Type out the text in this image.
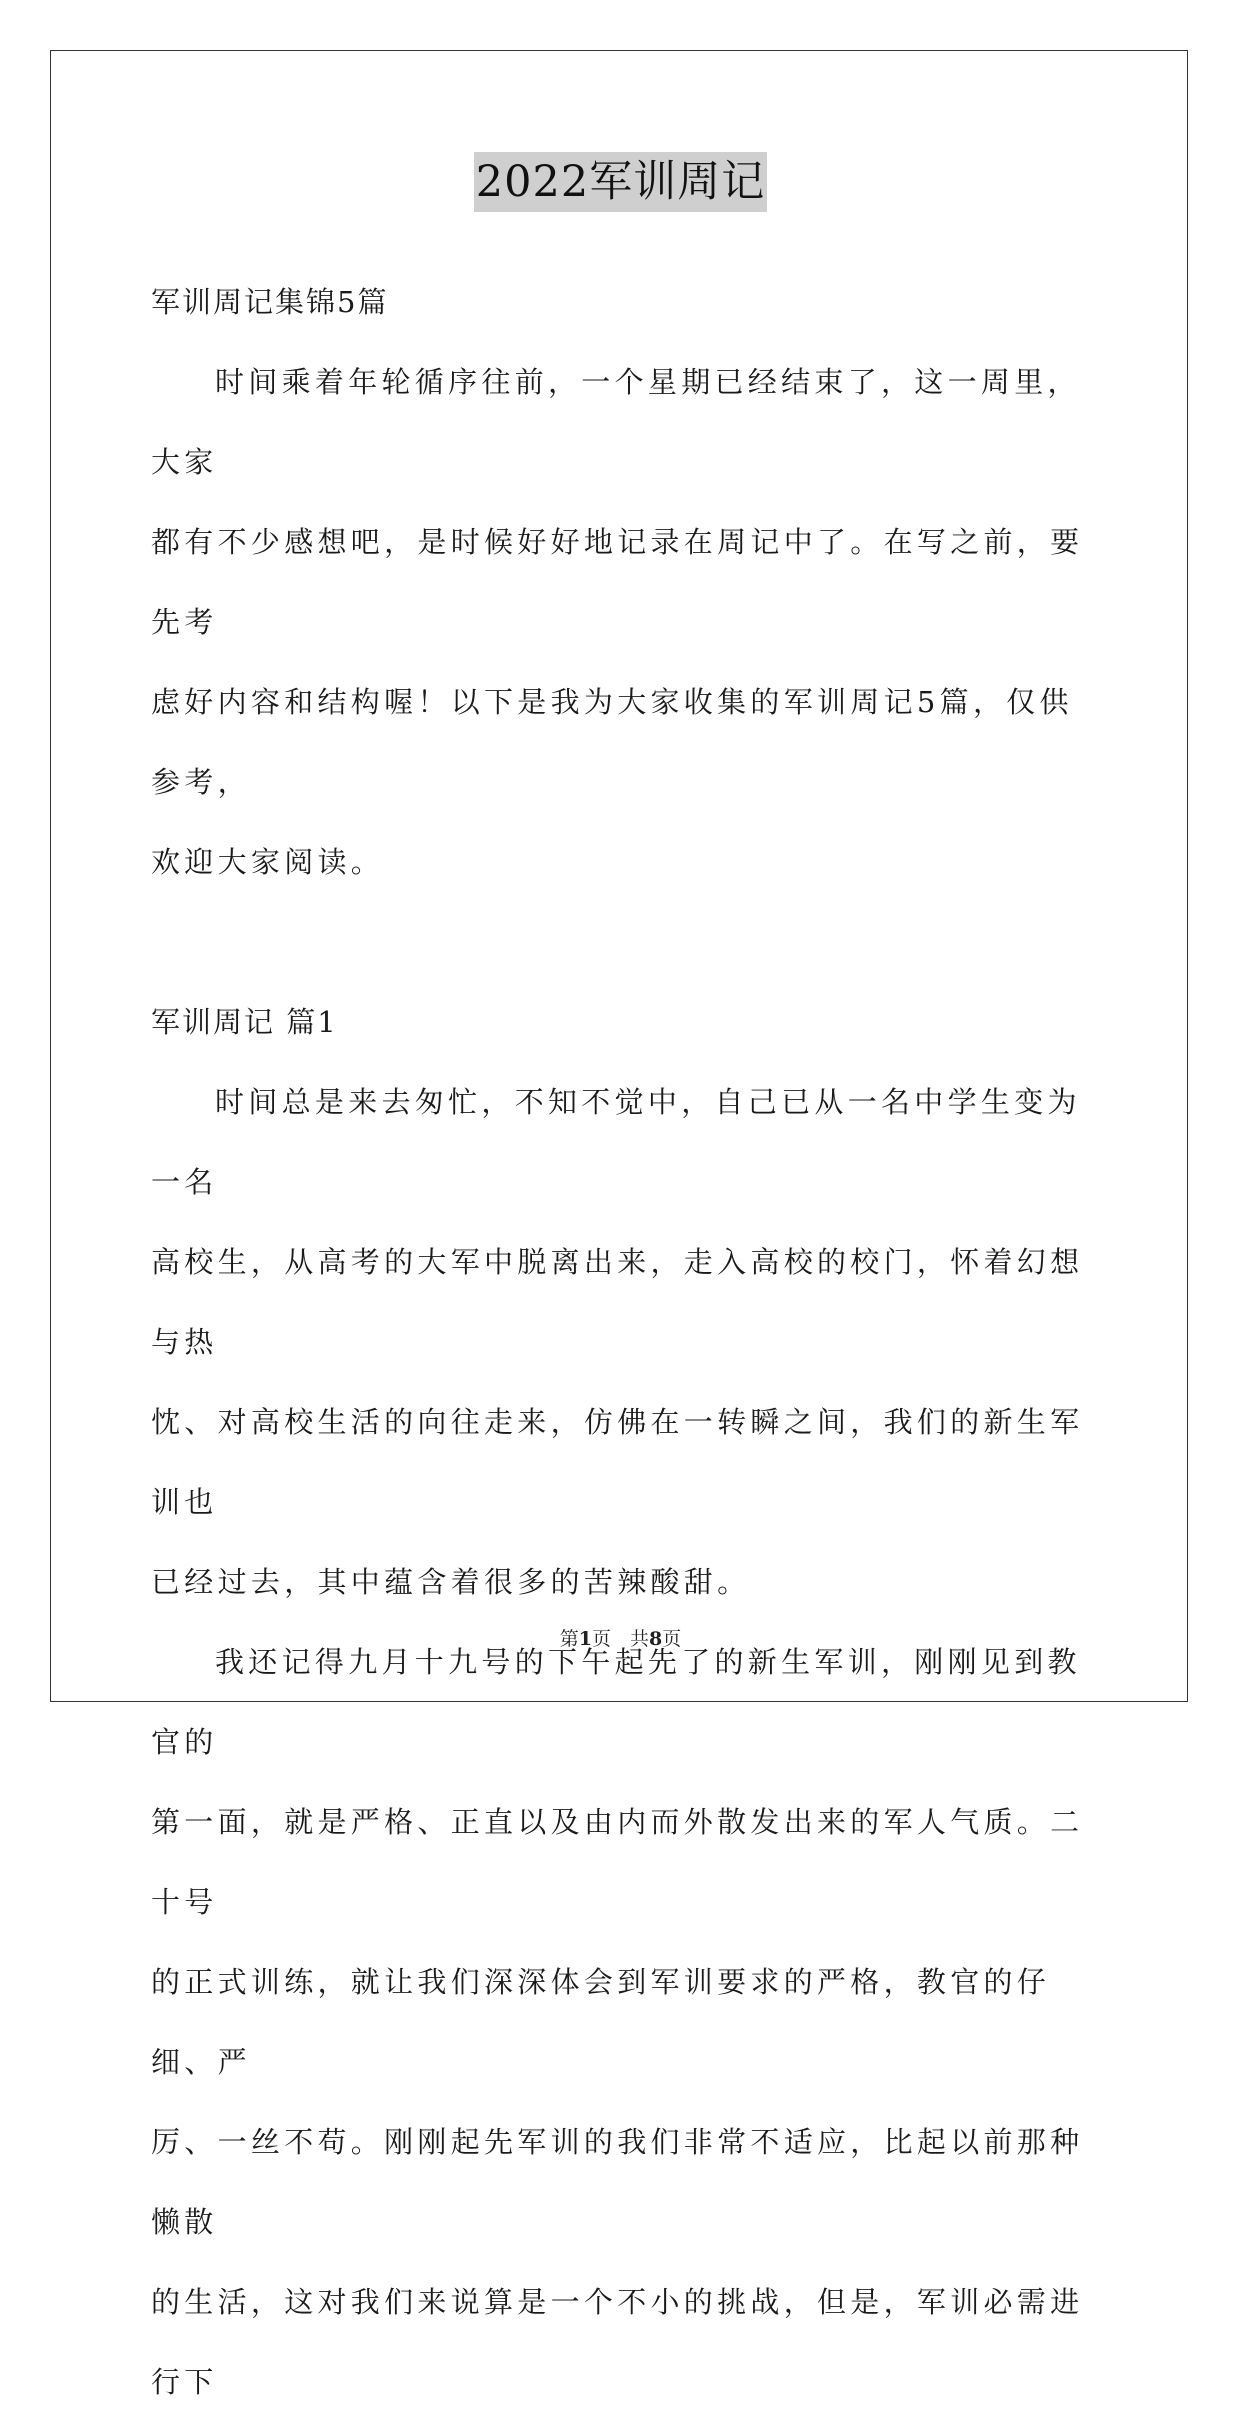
2022军训周记

军训周记集锦5篇

时间乘着年轮循序往前，一个星期已经结束了，这一周里，大家

都有不少感想吧，是时候好好地记录在周记中了。在写之前，要先考

虑好内容和结构喔！以下是我为大家收集的军训周记5篇，仅供参考，

欢迎大家阅读。

军训周记 篇1

时间总是来去匆忙，不知不觉中，自己已从一名中学生变为一名

高校生，从高考的大军中脱离出来，走入高校的校门，怀着幻想与热

忱、对高校生活的向往走来，仿佛在一转瞬之间，我们的新生军训也

已经过去，其中蕴含着很多的苦辣酸甜。

我还记得九月十九号的下午起先了的新生军训，刚刚见到教官的

第一面，就是严格、正直以及由内而外散发出来的军人气质。二十号

的正式训练，就让我们深深体会到军训要求的严格，教官的仔细、严

厉、一丝不苟。刚刚起先军训的我们非常不适应，比起以前那种懒散

的生活，这对我们来说算是一个不小的挑战，但是，军训必需进行下

第1页　共8页
